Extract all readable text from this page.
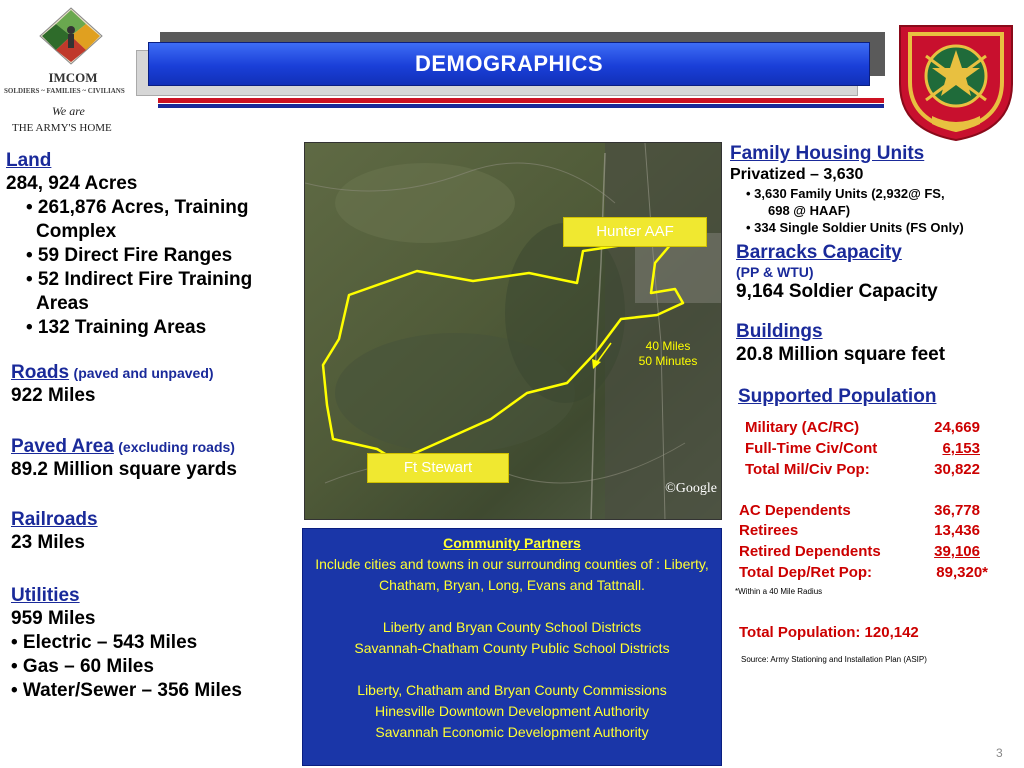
IMCOM
SOLDIERS ~ FAMILIES ~ CIVILIANS
We are
THE ARMY'S HOME
DEMOGRAPHICS
Land
284, 924 Acres
• 261,876 Acres, Training Complex
• 59 Direct Fire Ranges
• 52 Indirect Fire Training Areas
• 132 Training Areas
Roads (paved and unpaved)
922 Miles
Paved Area (excluding roads)
89.2 Million square yards
Railroads
23 Miles
Utilities
959 Miles
• Electric – 543 Miles
• Gas – 60 Miles
• Water/Sewer – 356 Miles
Hunter AAF
Ft Stewart
40 Miles
50 Minutes
©Google
Community Partners
Include cities and towns in our surrounding counties of : Liberty, Chatham, Bryan, Long, Evans and Tattnall.
Liberty and Bryan County School Districts
Savannah-Chatham County Public School Districts
Liberty, Chatham and Bryan County Commissions
Hinesville Downtown Development Authority
Savannah Economic Development Authority
Family Housing Units
Privatized – 3,630
• 3,630 Family Units (2,932@ FS,
698 @ HAAF)
• 334 Single Soldier Units (FS Only)
Barracks Capacity
(PP & WTU)
9,164 Soldier Capacity
Buildings
20.8 Million square feet
Supported Population
Military (AC/RC)	24,669
Full-Time Civ/Cont	6,153
Total Mil/Civ Pop:	30,822
AC Dependents	36,778
Retirees	13,436
Retired Dependents	39,106
Total Dep/Ret Pop:	89,320*
*Within a 40 Mile Radius
Total Population: 120,142
Source: Army Stationing and Installation Plan (ASIP)
3
